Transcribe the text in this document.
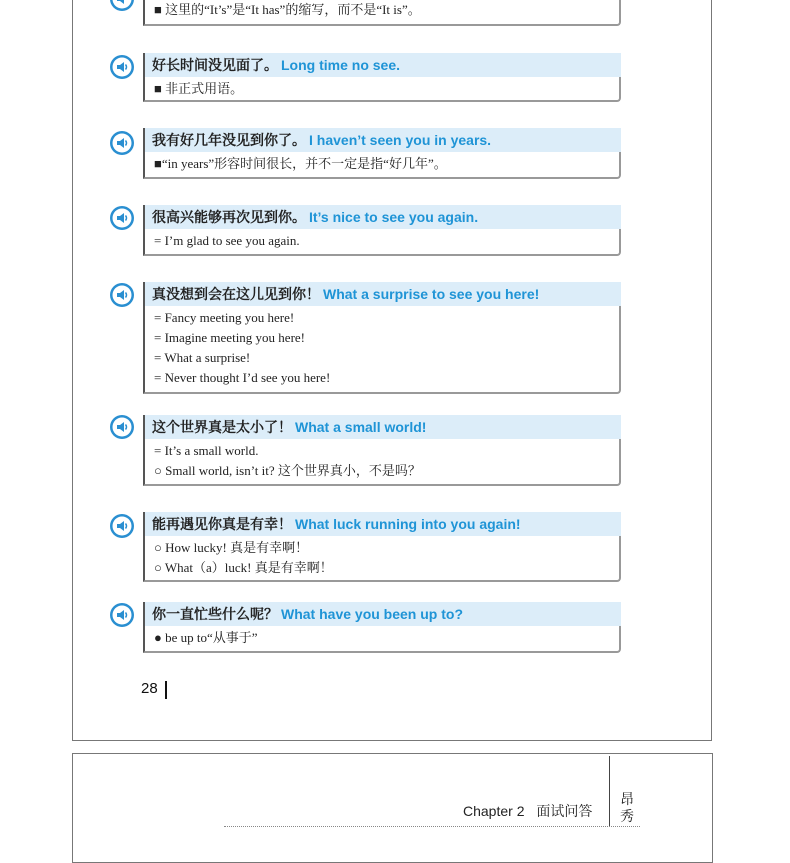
■ 这里的“It’s”是“It has”的缩写，而不是“It is”。
好长时间没见面了。 Long time no see.
■ 非正式用语。
我有好几年没见到你了。 I haven’t seen you in years.
■“in years”形容时间很长，并不一定是指“好几年”。
很高兴能够再次见到你。 It’s nice to see you again.
= I’m glad to see you again.
真没想到会在这儿见到你！ What a surprise to see you here!
= Fancy meeting you here!
= Imagine meeting you here!
= What a surprise!
= Never thought I’d see you here!
这个世界真是太小了！ What a small world!
= It’s a small world.
○ Small world, isn’t it? 这个世界真小，不是吗？
能再遇见你真是有幸！ What luck running into you again!
○ How lucky! 真是有幸啊！
○ What（a）luck! 真是有幸啊！
你一直忙些什么呢？ What have you been up to?
● be up to“从事于”
28
Chapter 2 面试问答
昂
秀
